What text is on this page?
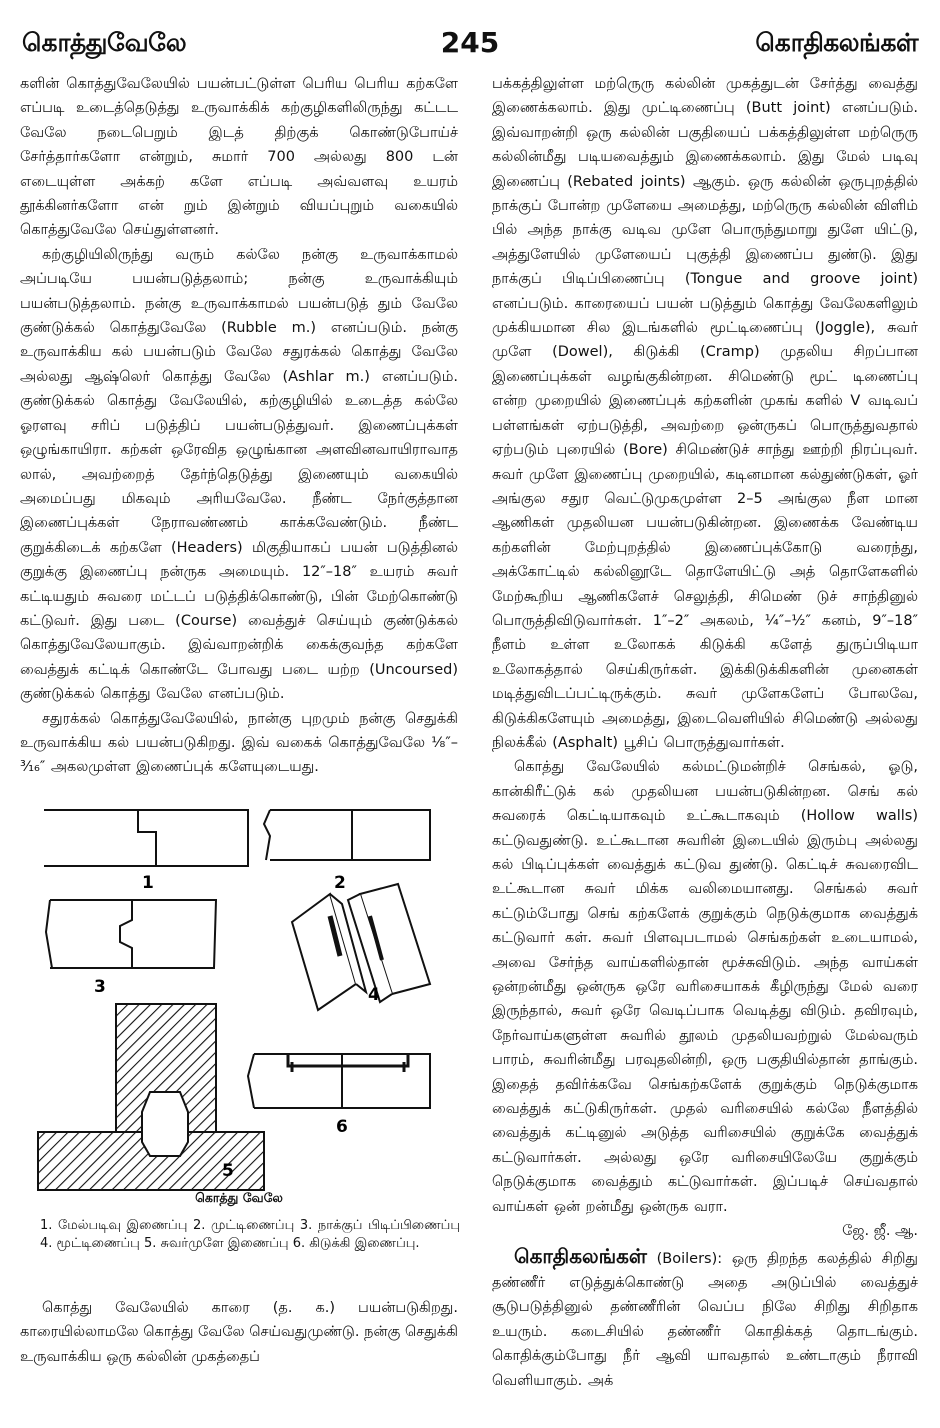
கொத்துவேலே	245	கொதிகலங்கள்

களின் கொத்துவேலேயில் பயன்பட்டுள்ள பெரிய பெரிய கற்களே எப்படி உடைத்தெடுத்து உருவாக்கிக் கற்குழிகளிலிருந்து கட்டட வேலே நடைபெறும் இடத் திற்குக் கொண்டுபோய்ச் சேர்த்தார்களோ என்றும், சுமார் 700 அல்லது 800 டன் எடையுள்ள அக்கற் களே எப்படி அவ்வளவு உயரம் தூக்கினர்களோ என் றும் இன்றும் வியப்புறும் வகையில் கொத்துவேலே செய்துள்ளனர்.

கற்குழியிலிருந்து வரும் கல்லே நன்கு உருவாக்காமல் அப்படியே பயன்படுத்தலாம்; நன்கு உருவாக்கியும் பயன்படுத்தலாம். நன்கு உருவாக்காமல் பயன்படுத் தும் வேலே குண்டுக்கல் கொத்துவேலே (Rubble m.) எனப்படும். நன்கு உருவாக்கிய கல் பயன்படும் வேலே சதுரக்கல் கொத்து வேலே அல்லது ஆஷ்லெர் கொத்து வேலே (Ashlar m.) எனப்படும். குண்டுக்கல் கொத்து வேலேயில், கற்குழியில் உடைத்த கல்லே ஓரளவு சரிப் படுத்திப் பயன்படுத்துவர். இணைப்புக்கள் ஒழுங்காயிரா. கற்கள் ஒரேவித ஒழுங்கான அளவினவாயிராவாத லால், அவற்றைத் தேர்ந்தெடுத்து இணையும் வகையில் அமைப்பது மிகவும் அரியவேலே. நீண்ட நேர்குத்தான இணைப்புக்கள் நேராவண்ணம் காக்கவேண்டும். நீண்ட குறுக்கிடைக் கற்களே (Headers) மிகுதியாகப் பயன் படுத்தினல் குறுக்கு இணைப்பு நன்ருக அமையும். 12″–18″ உயரம் சுவர் கட்டியதும் சுவரை மட்டப் படுத்திக்கொண்டு, பின் மேற்கொண்டு கட்டுவர். இது படை (Course) வைத்துச் செய்யும் குண்டுக்கல் கொத்துவேலேயாகும். இவ்வாறன்றிக் கைக்குவந்த கற்களே வைத்துக் கட்டிக் கொண்டே போவது படை யற்ற (Uncoursed) குண்டுக்கல் கொத்து வேலே எனப்படும்.

சதுரக்கல் கொத்துவேலேயில், நான்கு புறமும் நன்கு செதுக்கி உருவாக்கிய கல் பயன்படுகிறது. இவ் வகைக் கொத்துவேலே ⅛″–³⁄₁₆″ அகலமுள்ள இணைப்புக் களேயுடையது.

1	2
3	4
5
6
கொத்து வேலே
1. மேல்படிவு இணைப்பு 2. முட்டிணைப்பு 3. நாக்குப் பிடிப்பிணைப்பு 4. மூட்டிணைப்பு 5. சுவர்முளே இணைப்பு 6. கிடுக்கி இணைப்பு.

கொத்து வேலேயில் காரை (த. க.) பயன்படுகிறது. காரையில்லாமலே கொத்து வேலே செய்வதுமுண்டு. நன்கு செதுக்கி உருவாக்கிய ஒரு கல்லின் முகத்தைப்

பக்கத்திலுள்ள மற்ருெரு கல்லின் முகத்துடன் சேர்த்து வைத்து இணைக்கலாம். இது முட்டிணைப்பு (Butt joint) எனப்படும். இவ்வாறன்றி ஒரு கல்லின் பகுதியைப் பக்கத்திலுள்ள மற்ருெரு கல்லின்மீது படியவைத்தும் இணைக்கலாம். இது மேல் படிவு இணைப்பு (Rebated joints) ஆகும். ஒரு கல்லின் ஒருபுறத்தில் நாக்குப் போன்ற முளேயை அமைத்து, மற்ருெரு கல்லின் விளிம் பில் அந்த நாக்கு வடிவ முளே பொருந்துமாறு துளே யிட்டு, அத்துளேயில் முளேயைப் புகுத்தி இணைப்ப துண்டு. இது நாக்குப் பிடிப்பிணைப்பு (Tongue and groove joint) எனப்படும். காரையைப் பயன் படுத்தும் கொத்து வேலேகளிலும் முக்கியமான சில இடங்களில் மூட்டிணைப்பு (Joggle), சுவர் முளே (Dowel), கிடுக்கி (Cramp) முதலிய சிறப்பான இணைப்புக்கள் வழங்குகின்றன. சிமெண்டு மூட் டிணைப்பு என்ற முறையில் இணைப்புக் கற்களின் முகங் களில் V வடிவப் பள்ளங்கள் ஏற்படுத்தி, அவற்றை ஒன்ருகப் பொருத்துவதால் ஏற்படும் புரையில் (Bore) சிமெண்டுச் சாந்து ஊற்றி நிரப்புவர். சுவர் முளே இணைப்பு முறையில், கடினமான கல்துண்டுகள், ஓர் அங்குல சதுர வெட்டுமுகமுள்ள 2–5 அங்குல நீள மான ஆணிகள் முதலியன பயன்படுகின்றன. இணைக்க வேண்டிய கற்களின் மேற்புறத்தில் இணைப்புக்கோடு வரைந்து, அக்கோட்டில் கல்லினூடே தொளேயிட்டு அத் தொளேகளில் மேற்கூறிய ஆணிகளேச் செலுத்தி, சிமெண் டுச் சாந்தினுல் பொருத்திவிடுவார்கள். 1″–2″ அகலம், ¼″–½″ கனம், 9″–18″ நீளம் உள்ள உலோகக் கிடுக்கி களேத் துருப்பிடியா உலோகத்தால் செய்கிருர்கள். இக்கிடுக்கிகளின் முனைகள் மடித்துவிடப்பட்டிருக்கும். சுவர் முளேகளேப் போலவே, கிடுக்கிகளேயும் அமைத்து, இடைவெளியில் சிமெண்டு அல்லது நிலக்கீல் (Asphalt) பூசிப் பொருத்துவார்கள்.

கொத்து வேலேயில் கல்மட்டுமன்றிச் செங்கல், ஓடு, கான்கிரீட்டுக் கல் முதலியன பயன்படுகின்றன. செங் கல் சுவரைக் கெட்டியாகவும் உட்கூடாகவும் (Hollow walls) கட்டுவதுண்டு. உட்கூடான சுவரின் இடையில் இரும்பு அல்லது கல் பிடிப்புக்கள் வைத்துக் கட்டுவ துண்டு. கெட்டிச் சுவரைவிட உட்கூடான சுவர் மிக்க வலிமையானது. செங்கல் சுவர் கட்டும்போது செங் கற்களேக் குறுக்கும் நெடுக்குமாக வைத்துக் கட்டுவார் கள். சுவர் பிளவுபடாமல் செங்கற்கள் உடையாமல், அவை சேர்ந்த வாய்களில்தான் மூச்சுவிடும். அந்த வாய்கள் ஒன்றன்மீது ஒன்ருக ஒரே வரிசையாகக் கீழிருந்து மேல் வரை இருந்தால், சுவர் ஒரே வெடிப்பாக வெடித்து விடும். தவிரவும், நேர்வாய்களுள்ள சுவரில் தூலம் முதலியவற்றுல் மேல்வரும் பாரம், சுவரின்மீது பரவுதலின்றி, ஒரு பகுதியில்தான் தாங்கும். இதைத் தவிர்க்கவே செங்கற்களேக் குறுக்கும் நெடுக்குமாக வைத்துக் கட்டுகிருர்கள். முதல் வரிசையில் கல்லே நீளத்தில் வைத்துக் கட்டினுல் அடுத்த வரிசையில் குறுக்கே வைத்துக் கட்டுவார்கள். அல்லது ஒரே வரிசையிலேயே குறுக்கும் நெடுக்குமாக வைத்தும் கட்டுவார்கள். இப்படிச் செய்வதால் வாய்கள் ஒன் றன்மீது ஒன்ருக வரா.

ஜே. ஜீ. ஆ.

கொதிகலங்கள் (Boilers): ஒரு திறந்த கலத்தில் சிறிது தண்ணீர் எடுத்துக்கொண்டு அதை அடுப்பில் வைத்துச் சூடுபடுத்தினுல் தண்ணீரின் வெப்ப நிலே சிறிது சிறிதாக உயரும். கடைசியில் தண்ணீர் கொதிக்கத் தொடங்கும். கொதிக்கும்போது நீர் ஆவி யாவதால் உண்டாகும் நீராவி வெளியாகும். அக்
